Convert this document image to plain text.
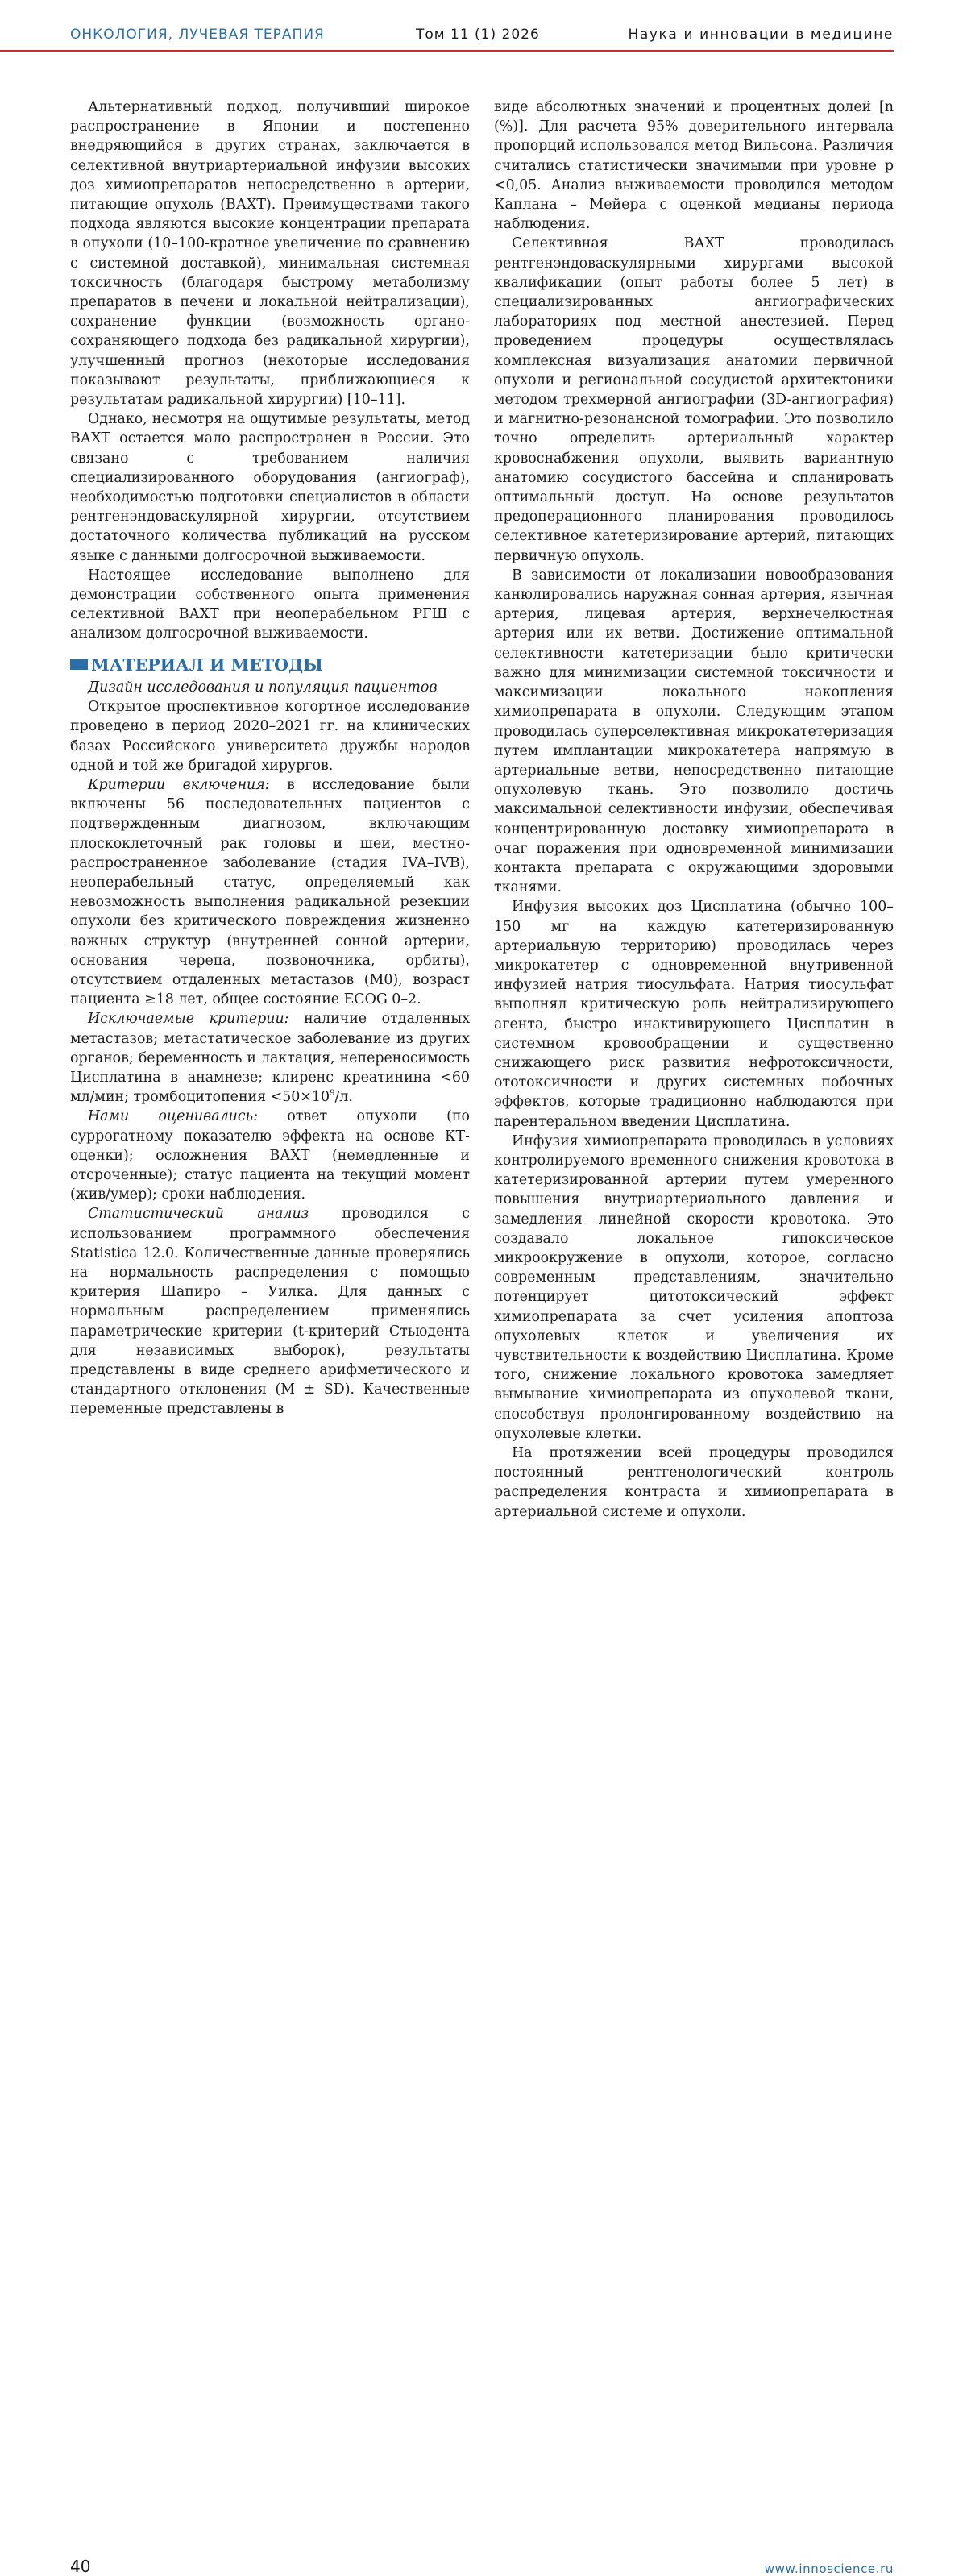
ОНКОЛОГИЯ, ЛУЧЕВАЯ ТЕРАПИЯ	Том 11 (1) 2026	Наука и инновации в медицине

Альтернативный подход, получивший широкое распространение в Японии и постепенно внедряющийся в других странах, заключается в селективной внутриартериальной инфузии высоких доз химиопрепаратов непосредственно в артерии, питающие опухоль (ВАХТ). Преимуществами такого подхода являются высокие концентрации препарата в опухоли (10–100-кратное увеличение по сравнению с системной доставкой), минимальная системная токсичность (благодаря быстрому метаболизму препаратов в печени и локальной нейтрализации), сохранение функции (возможность органо-сохраняющего подхода без радикальной хирургии), улучшенный прогноз (некоторые исследования показывают результаты, приближающиеся к результатам радикальной хирургии) [10–11].

Однако, несмотря на ощутимые результаты, метод ВАХТ остается мало распространен в России. Это связано с требованием наличия специализированного оборудования (ангиограф), необходимостью подготовки специалистов в области рентгенэндоваскулярной хирургии, отсутствием достаточного количества публикаций на русском языке с данными долгосрочной выживаемости.

Настоящее исследование выполнено для демонстрации собственного опыта применения селективной ВАХТ при неоперабельном РГШ с анализом долгосрочной выживаемости.

МАТЕРИАЛ И МЕТОДЫ
Дизайн исследования и популяция пациентов

Открытое проспективное когортное исследование проведено в период 2020–2021 гг. на клинических базах Российского университета дружбы народов одной и той же бригадой хирургов.

Критерии включения: в исследование были включены 56 последовательных пациентов с подтвержденным диагнозом, включающим плоскоклеточный рак головы и шеи, местно-распространенное заболевание (стадия IVA–IVB), неоперабельный статус, определяемый как невозможность выполнения радикальной резекции опухоли без критического повреждения жизненно важных структур (внутренней сонной артерии, основания черепа, позвоночника, орбиты), отсутствием отдаленных метастазов (M0), возраст пациента ≥18 лет, общее состояние ECOG 0–2.

Исключаемые критерии: наличие отдаленных метастазов; метастатическое заболевание из других органов; беременность и лактация, непереносимость Цисплатина в анамнезе; клиренс креатинина <60 мл/мин; тромбоцитопения $<50\times 10^9/л$.

Нами оценивались: ответ опухоли (по суррогатному показателю эффекта на основе КТ-оценки); осложнения ВАХТ (немедленные и отсроченные); статус пациента на текущий момент (жив/умер); сроки наблюдения.

Статистический анализ проводился с использованием программного обеспечения Statistica 12.0. Количественные данные проверялись на нормальность распределения с помощью критерия Шапиро – Уилка. Для данных с нормальным распределением применялись параметрические критерии (t-критерий Стьюдента для независимых выборок), результаты представлены в виде среднего арифметического и стандартного отклонения (M ± SD). Качественные переменные представлены в

виде абсолютных значений и процентных долей [n (%)]. Для расчета 95% доверительного интервала пропорций использовался метод Вильсона. Различия считались статистически значимыми при уровне p <0,05. Анализ выживаемости проводился методом Каплана – Мейера с оценкой медианы периода наблюдения.

Селективная ВАХТ проводилась рентгенэндоваскулярными хирургами высокой квалификации (опыт работы более 5 лет) в специализированных ангиографических лабораториях под местной анестезией. Перед проведением процедуры осуществлялась комплексная визуализация анатомии первичной опухоли и региональной сосудистой архитектоники методом трехмерной ангиографии (3D-ангиография) и магнитно-резонансной томографии. Это позволило точно определить артериальный характер кровоснабжения опухоли, выявить вариантную анатомию сосудистого бассейна и спланировать оптимальный доступ. На основе результатов предоперационного планирования проводилось селективное катетеризирование артерий, питающих первичную опухоль.

В зависимости от локализации новообразования канюлировались наружная сонная артерия, язычная артерия, лицевая артерия, верхнечелюстная артерия или их ветви. Достижение оптимальной селективности катетеризации было критически важно для минимизации системной токсичности и максимизации локального накопления химиопрепарата в опухоли. Следующим этапом проводилась суперселективная микрокатетеризация путем имплантации микрокатетера напрямую в артериальные ветви, непосредственно питающие опухолевую ткань. Это позволило достичь максимальной селективности инфузии, обеспечивая концентрированную доставку химиопрепарата в очаг поражения при одновременной минимизации контакта препарата с окружающими здоровыми тканями.

Инфузия высоких доз Цисплатина (обычно 100–150 мг на каждую катетеризированную артериальную территорию) проводилась через микрокатетер с одновременной внутривенной инфузией натрия тиосульфата. Натрия тиосульфат выполнял критическую роль нейтрализирующего агента, быстро инактивирующего Цисплатин в системном кровообращении и существенно снижающего риск развития нефротоксичности, ототоксичности и других системных побочных эффектов, которые традиционно наблюдаются при парентеральном введении Цисплатина.

Инфузия химиопрепарата проводилась в условиях контролируемого временного снижения кровотока в катетеризированной артерии путем умеренного повышения внутриартериального давления и замедления линейной скорости кровотока. Это создавало локальное гипоксическое микроокружение в опухоли, которое, согласно современным представлениям, значительно потенцирует цитотоксический эффект химиопрепарата за счет усиления апоптоза опухолевых клеток и увеличения их чувствительности к воздействию Цисплатина. Кроме того, снижение локального кровотока замедляет вымывание химиопрепарата из опухолевой ткани, способствуя пролонгированному воздействию на опухолевые клетки.

На протяжении всей процедуры проводился постоянный рентгенологический контроль распределения контраста и химиопрепарата в артериальной системе и опухоли.

40	www.innoscience.ru
